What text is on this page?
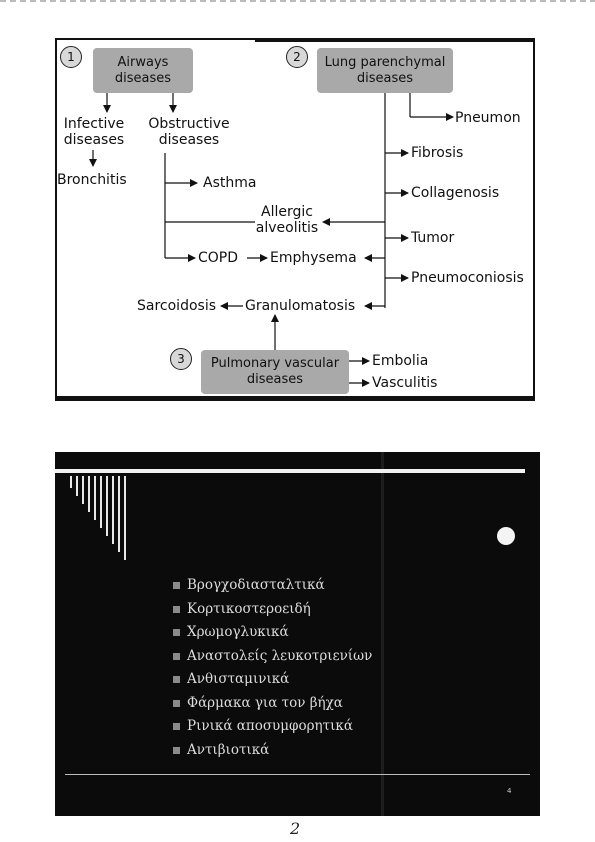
1	2
3
Airways diseases
Lung parenchymal diseases
Pulmonary vascular diseases
Infective diseases
Obstructive diseases
Bronchitis	Asthma
Allergic alveolitis
COPD Emphysema
Pneumon
Fibrosis
Collagenosis
Tumor
Pneumoconiosis
Granulomatosis
Sarcoidosis
Embolia
Vasculitis
Βρογχοδιασταλτικά
Κορτικοστεροειδή
Χρωμογλυκικά
Αναστολείς λευκοτριενίων
Ανθισταμινικά
Φάρμακα για τον βήχα
Ρινικά αποσυμφορητικά
Αντιβιοτικά
4
2
